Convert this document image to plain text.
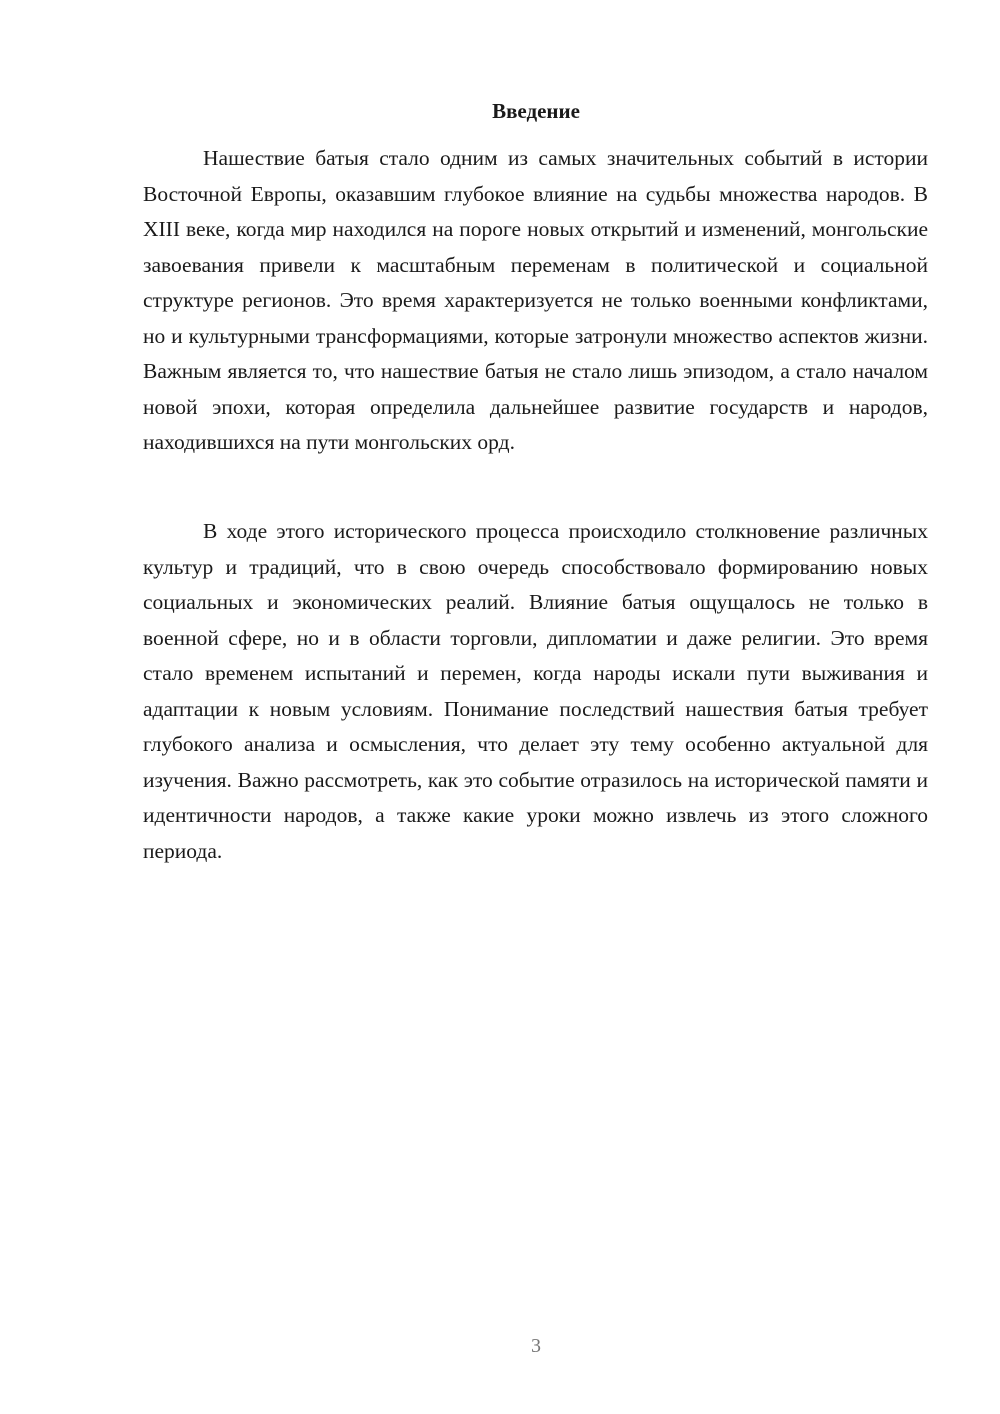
Введение

Нашествие батыя стало одним из самых значительных событий в истории Восточной Европы, оказавшим глубокое влияние на судьбы множества народов. В XIII веке, когда мир находился на пороге новых открытий и изменений, монгольские завоевания привели к масштабным переменам в политической и социальной структуре регионов. Это время характеризуется не только военными конфликтами, но и культурными трансформациями, которые затронули множество аспектов жизни. Важным является то, что нашествие батыя не стало лишь эпизодом, а стало началом новой эпохи, которая определила дальнейшее развитие государств и народов, находившихся на пути монгольских орд.

В ходе этого исторического процесса происходило столкновение различных культур и традиций, что в свою очередь способствовало формированию новых социальных и экономических реалий. Влияние батыя ощущалось не только в военной сфере, но и в области торговли, дипломатии и даже религии. Это время стало временем испытаний и перемен, когда народы искали пути выживания и адаптации к новым условиям. Понимание последствий нашествия батыя требует глубокого анализа и осмысления, что делает эту тему особенно актуальной для изучения. Важно рассмотреть, как это событие отразилось на исторической памяти и идентичности народов, а также какие уроки можно извлечь из этого сложного периода.

3
